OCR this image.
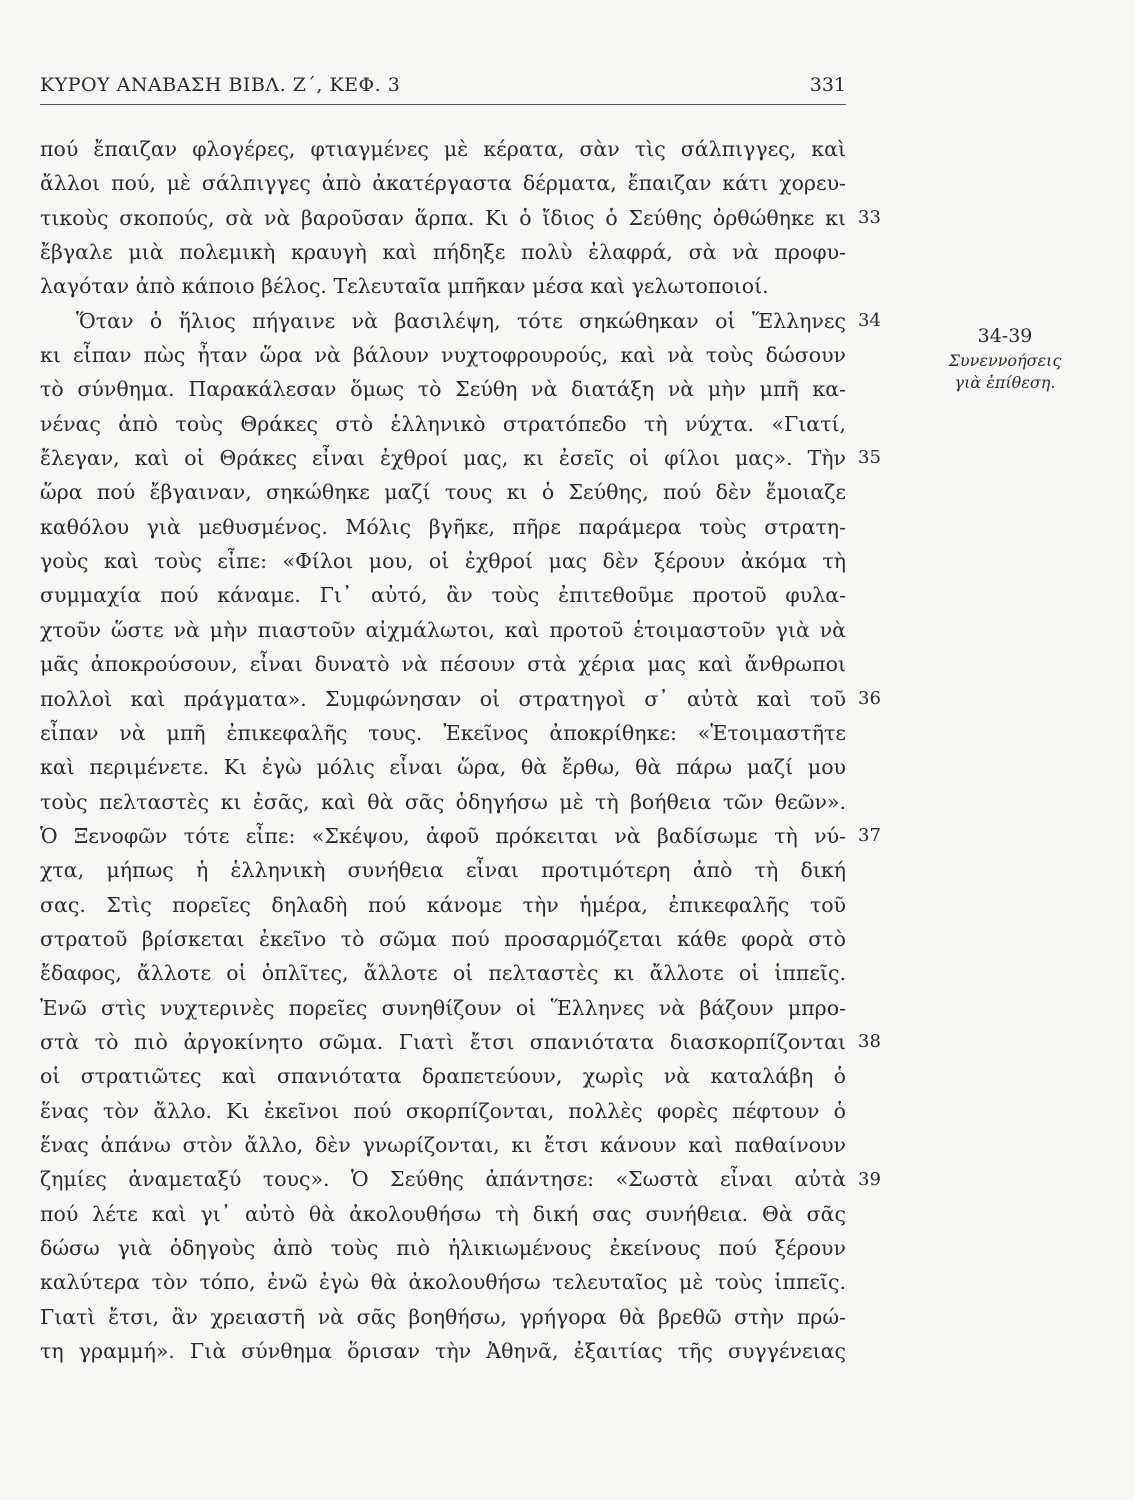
ΚΥΡΟΥ ΑΝΑΒΑΣΗ ΒΙΒΛ. Ζ΄, ΚΕΦ. 3	331
πού ἔπαιζαν φλογέρες, φτιαγμένες μὲ κέρατα, σὰν τὶς σάλπιγγες, καὶ
ἄλλοι πού, μὲ σάλπιγγες ἀπὸ ἀκατέργαστα δέρματα, ἔπαιζαν κάτι χορευ-
τικοὺς σκοπούς, σὰ νὰ βαροῦσαν ἅρπα. Κι ὁ ἴδιος ὁ Σεύθης ὀρθώθηκε κι
ἔβγαλε μιὰ πολεμικὴ κραυγὴ καὶ πήδηξε πολὺ ἐλαφρά, σὰ νὰ προφυ-
λαγόταν ἀπὸ κάποιο βέλος. Τελευταῖα μπῆκαν μέσα καὶ γελωτοποιοί.
Ὅταν ὁ ἥλιος πήγαινε νὰ βασιλέψη, τότε σηκώθηκαν οἱ Ἕλληνες
κι εἶπαν πὼς ἦταν ὥρα νὰ βάλουν νυχτοφρουρούς, καὶ νὰ τοὺς δώσουν
τὸ σύνθημα. Παρακάλεσαν ὅμως τὸ Σεύθη νὰ διατάξη νὰ μὴν μπῆ κα-
νένας ἀπὸ τοὺς Θράκες στὸ ἑλληνικὸ στρατόπεδο τὴ νύχτα. «Γιατί,
ἔλεγαν, καὶ οἱ Θράκες εἶναι ἐχθροί μας, κι ἐσεῖς οἱ φίλοι μας». Τὴν
ὥρα πού ἔβγαιναν, σηκώθηκε μαζί τους κι ὁ Σεύθης, πού δὲν ἔμοιαζε
καθόλου γιὰ μεθυσμένος. Μόλις βγῆκε, πῆρε παράμερα τοὺς στρατη-
γοὺς καὶ τοὺς εἶπε: «Φίλοι μου, οἱ ἐχθροί μας δὲν ξέρουν ἀκόμα τὴ
συμμαχία πού κάναμε. Γι᾿ αὐτό, ἂν τοὺς ἐπιτεθοῦμε προτοῦ φυλα-
χτοῦν ὥστε νὰ μὴν πιαστοῦν αἰχμάλωτοι, καὶ προτοῦ ἑτοιμαστοῦν γιὰ νὰ
μᾶς ἀποκρούσουν, εἶναι δυνατὸ νὰ πέσουν στὰ χέρια μας καὶ ἄνθρωποι
πολλοὶ καὶ πράγματα». Συμφώνησαν οἱ στρατηγοὶ σ᾿ αὐτὰ καὶ τοῦ
εἶπαν νὰ μπῆ ἐπικεφαλῆς τους. Ἐκεῖνος ἀποκρίθηκε: «Ἑτοιμαστῆτε
καὶ περιμένετε. Κι ἐγὼ μόλις εἶναι ὥρα, θὰ ἔρθω, θὰ πάρω μαζί μου
τοὺς πελταστὲς κι ἐσᾶς, καὶ θὰ σᾶς ὁδηγήσω μὲ τὴ βοήθεια τῶν θεῶν».
Ὁ Ξενοφῶν τότε εἶπε: «Σκέψου, ἀφοῦ πρόκειται νὰ βαδίσωμε τὴ νύ-
χτα, μήπως ἡ ἑλληνικὴ συνήθεια εἶναι προτιμότερη ἀπὸ τὴ δική
σας. Στὶς πορεῖες δηλαδὴ πού κάνομε τὴν ἡμέρα, ἐπικεφαλῆς τοῦ
στρατοῦ βρίσκεται ἐκεῖνο τὸ σῶμα πού προσαρμόζεται κάθε φορὰ στὸ
ἔδαφος, ἄλλοτε οἱ ὁπλῖτες, ἄλλοτε οἱ πελταστὲς κι ἄλλοτε οἱ ἱππεῖς.
Ἐνῶ στὶς νυχτερινὲς πορεῖες συνηθίζουν οἱ Ἕλληνες νὰ βάζουν μπρο-
στὰ τὸ πιὸ ἀργοκίνητο σῶμα. Γιατὶ ἔτσι σπανιότατα διασκορπίζονται
οἱ στρατιῶτες καὶ σπανιότατα δραπετεύουν, χωρὶς νὰ καταλάβη ὁ
ἕνας τὸν ἄλλο. Κι ἐκεῖνοι πού σκορπίζονται, πολλὲς φορὲς πέφτουν ὁ
ἕνας ἀπάνω στὸν ἄλλο, δὲν γνωρίζονται, κι ἔτσι κάνουν καὶ παθαίνουν
ζημίες ἀναμεταξύ τους». Ὁ Σεύθης ἀπάντησε: «Σωστὰ εἶναι αὐτὰ
πού λέτε καὶ γι᾿ αὐτὸ θὰ ἀκολουθήσω τὴ δική σας συνήθεια. Θὰ σᾶς
δώσω γιὰ ὁδηγοὺς ἀπὸ τοὺς πιὸ ἡλικιωμένους ἐκείνους πού ξέρουν
καλύτερα τὸν τόπο, ἐνῶ ἐγὼ θὰ ἀκολουθήσω τελευταῖος μὲ τοὺς ἱππεῖς.
Γιατὶ ἔτσι, ἂν χρειαστῆ νὰ σᾶς βοηθήσω, γρήγορα θὰ βρεθῶ στὴν πρώ-
τη γραμμή». Γιὰ σύνθημα ὅρισαν τὴν Ἀθηνᾶ, ἐξαιτίας τῆς συγγένειας
34-39
Συνεννοήσεις
γιὰ ἐπίθεση.
33
34
35
36
37
38
39
